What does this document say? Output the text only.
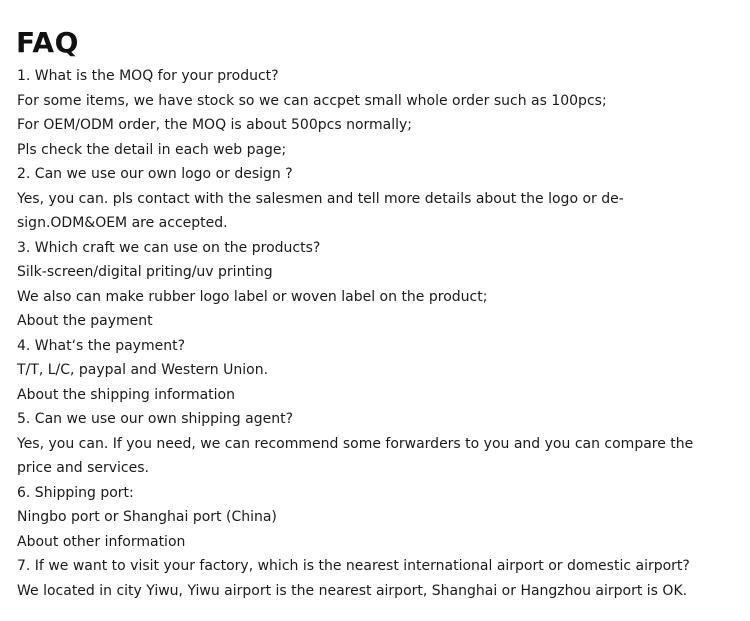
FAQ
1. What is the MOQ for your product?
For some items, we have stock so we can accpet small whole order such as 100pcs;
For OEM/ODM order, the MOQ is about 500pcs normally;
Pls check the detail in each web page;
2. Can we use our own logo or design ?
Yes, you can. pls contact with the salesmen and tell more details about the logo or de-
sign.ODM&OEM are accepted.
3. Which craft we can use on the products?
Silk-screen/digital priting/uv printing
We also can make rubber logo label or woven label on the product;
About the payment
4. What‘s the payment?
T/T, L/C, paypal and Western Union.
About the shipping information
5. Can we use our own shipping agent?
Yes, you can. If you need, we can recommend some forwarders to you and you can compare the
price and services.
6. Shipping port:
Ningbo port or Shanghai port (China)
About other information
7. If we want to visit your factory, which is the nearest international airport or domestic airport?
We located in city Yiwu, Yiwu airport is the nearest airport, Shanghai or Hangzhou airport is OK.
